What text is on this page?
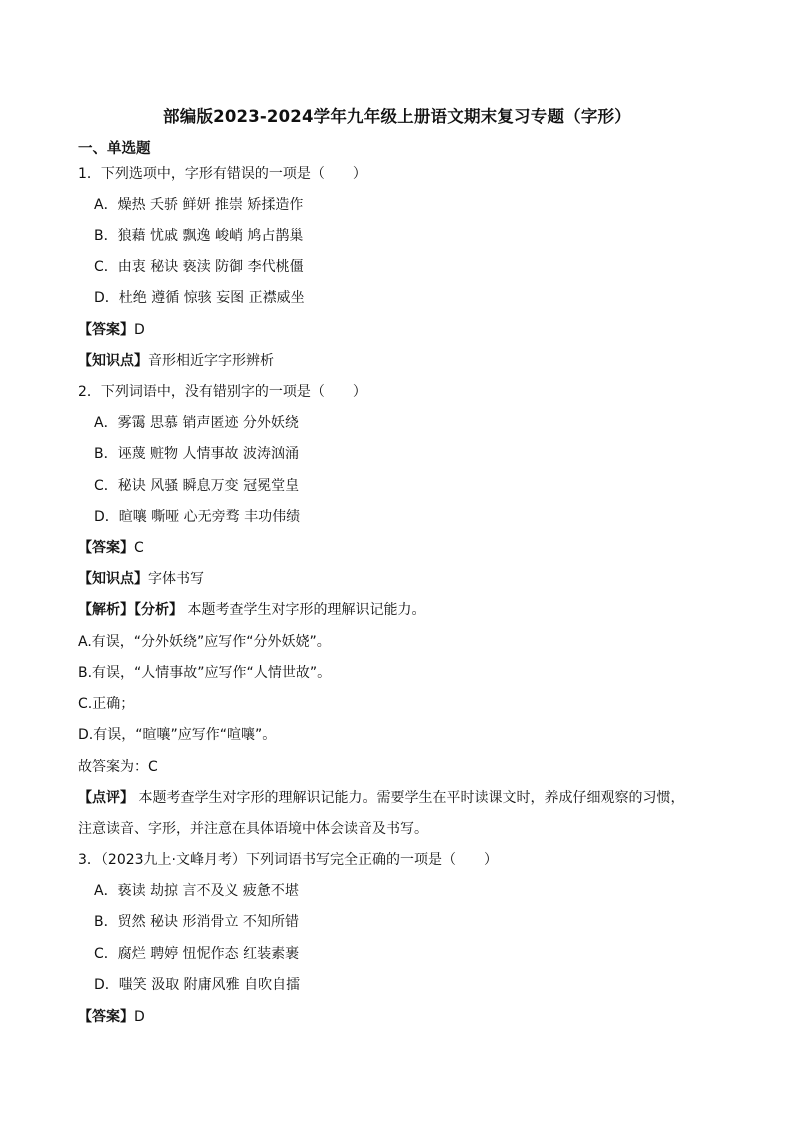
部编版2023-2024学年九年级上册语文期末复习专题（字形）
一、单选题
1．下列选项中，字形有错误的一项是（　　）
A．燥热 夭骄 鲜妍 推崇 矫揉造作
B．狼藉 忧戚 飘逸 峻峭 鸠占鹊巢
C．由衷 秘诀 亵渎 防御 李代桃僵
D．杜绝 遵循 惊骇 妄图 正襟威坐
【答案】D
【知识点】音形相近字字形辨析
2．下列词语中，没有错别字的一项是（　　）
A．雾霭 思慕 销声匿迹 分外妖绕
B．诬蔑 赃物 人情事故 波涛汹涌
C．秘诀 风骚 瞬息万变 冠冕堂皇
D．暄嚷 嘶哑 心无旁骛 丰功伟绩
【答案】C
【知识点】字体书写
【解析】【分析】 本题考查学生对字形的理解识记能力。
A.有误，“分外妖绕”应写作“分外妖娆”。
B.有误，“人情事故”应写作“人情世故”。
C.正确；
D.有误，“暄嚷”应写作“喧嚷”。
故答案为：C
【点评】 本题考查学生对字形的理解识记能力。需要学生在平时读课文时，养成仔细观察的习惯，
注意读音、字形，并注意在具体语境中体会读音及书写。
3．（2023九上·文峰月考）下列词语书写完全正确的一项是（　　）
A．亵读 劫掠 言不及义 疲惫不堪
B．贸然 秘诀 形消骨立 不知所错
C．腐烂 聘婷 忸怩作态 红装素裹
D．嗤笑 汲取 附庸风雅 自吹自擂
【答案】D
